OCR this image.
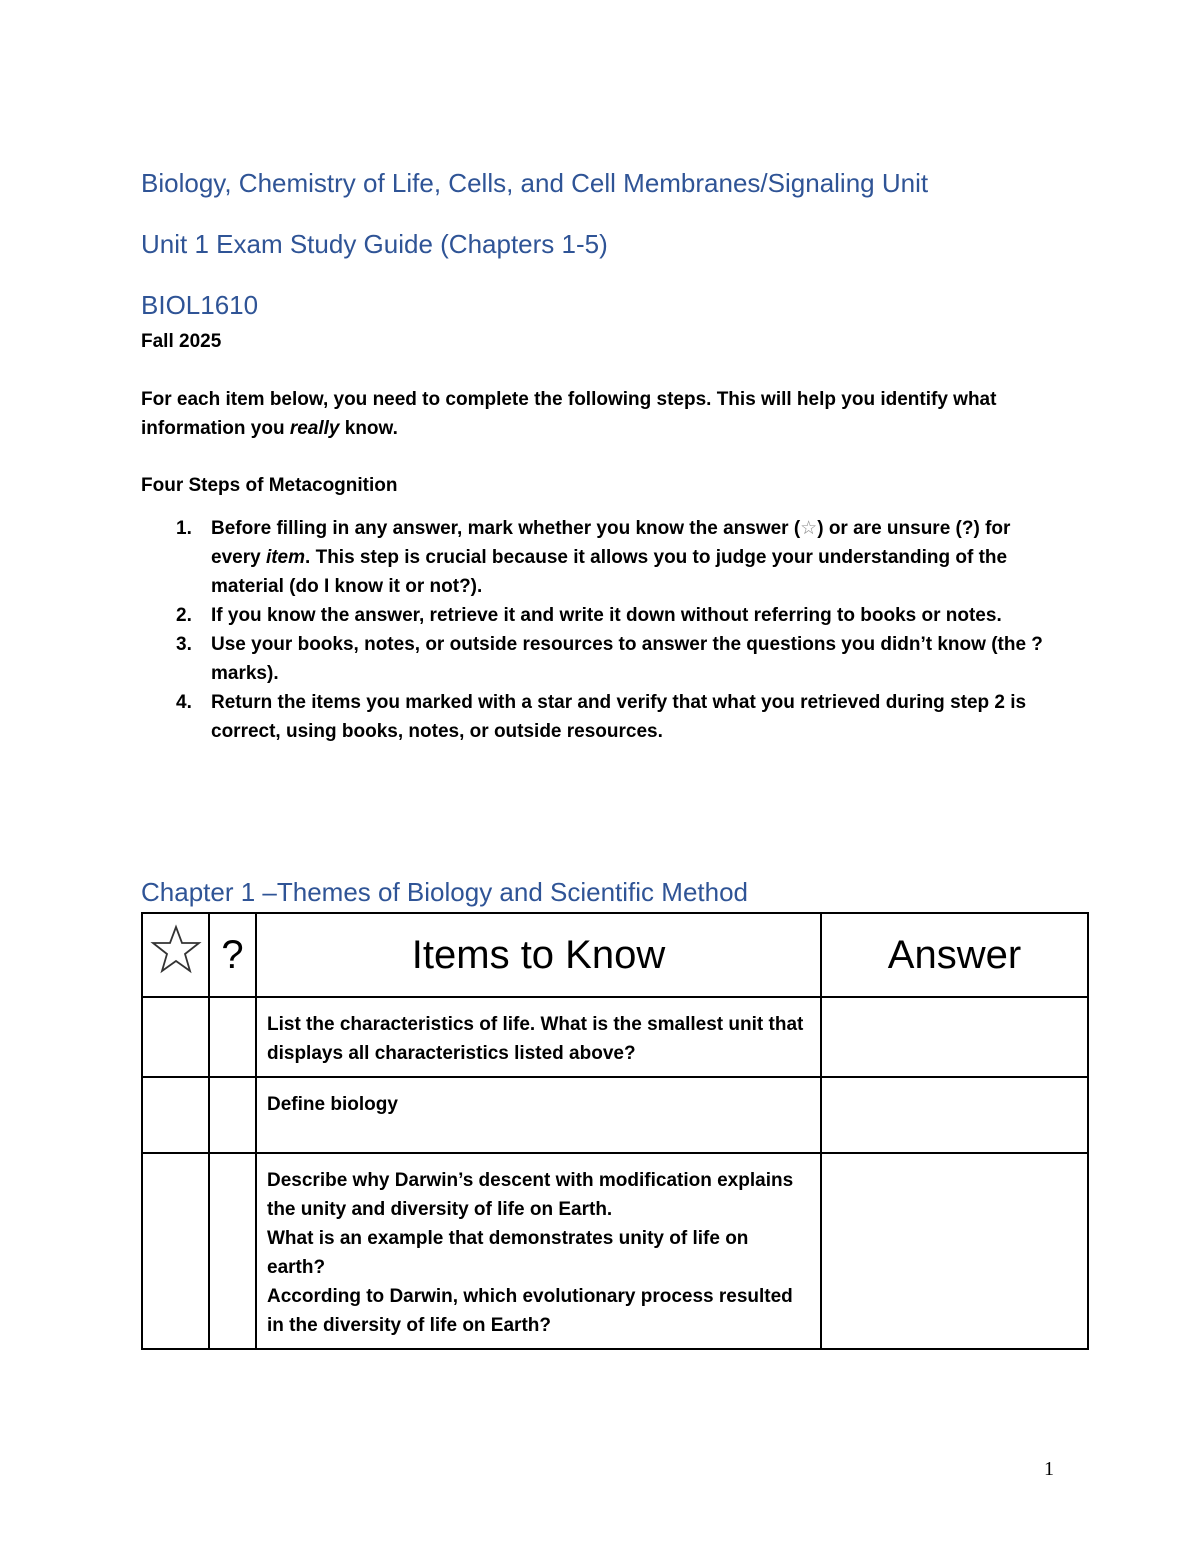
Biology, Chemistry of Life, Cells, and Cell Membranes/Signaling Unit
Unit 1 Exam Study Guide (Chapters 1-5)
BIOL1610

Fall 2025

For each item below, you need to complete the following steps. This will help you identify what information you really know.

Four Steps of Metacognition

1. Before filling in any answer, mark whether you know the answer (☆) or are unsure (?) for every item. This step is crucial because it allows you to judge your understanding of the material (do I know it or not?).
2. If you know the answer, retrieve it and write it down without referring to books or notes.
3. Use your books, notes, or outside resources to answer the questions you didn’t know (the ? marks).
4. Return the items you marked with a star and verify that what you retrieved during step 2 is correct, using books, notes, or outside resources.
Chapter 1 –Themes of Biology and Scientific Method
	?	Items to Know	Answer

		List the characteristics of life. What is the smallest unit that displays all characteristics listed above?	

		Define biology	

		Describe why Darwin’s descent with modification explains the unity and diversity of life on Earth.
What is an example that demonstrates unity of life on earth?
According to Darwin, which evolutionary process resulted in the diversity of life on Earth?	

1
